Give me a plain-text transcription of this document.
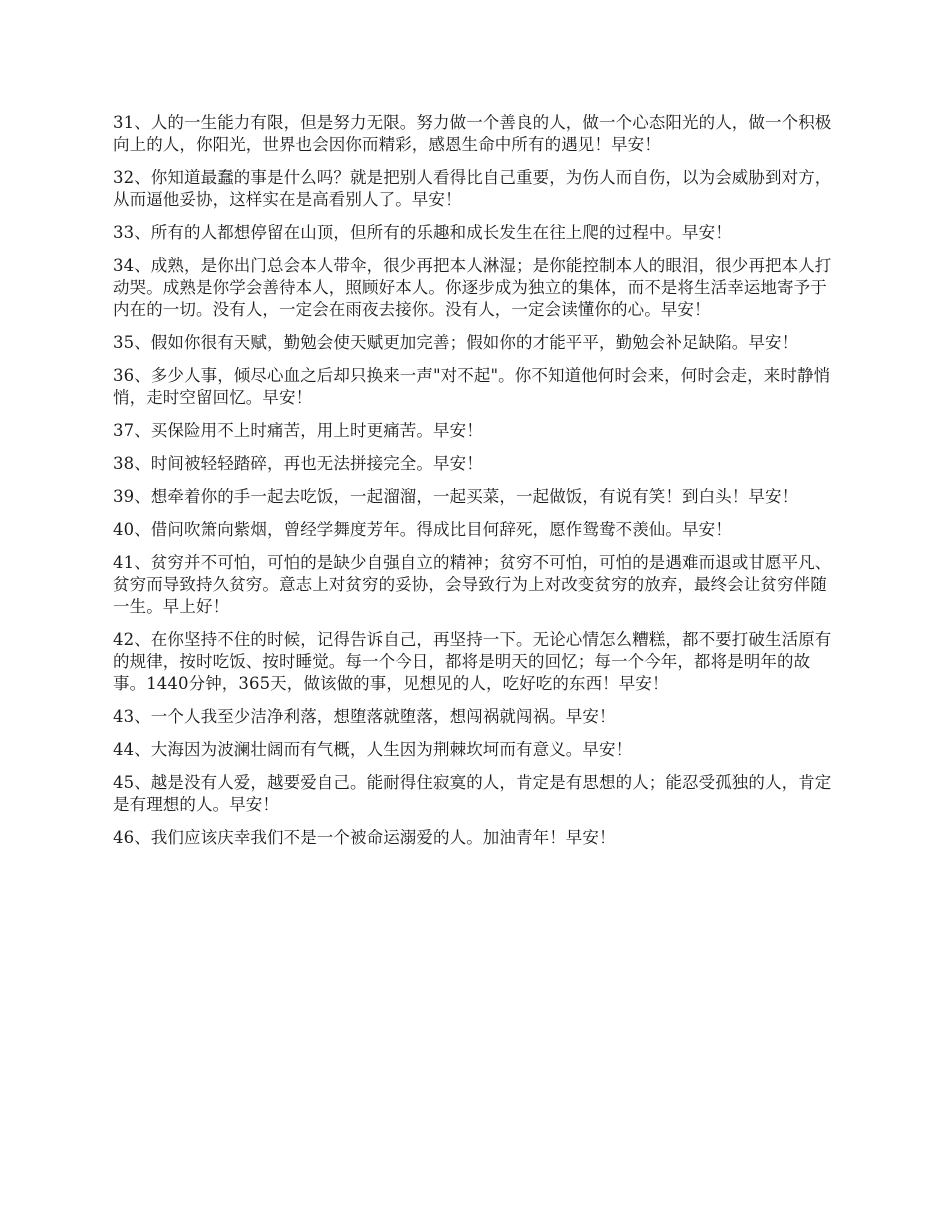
31、人的一生能力有限，但是努力无限。努力做一个善良的人，做一个心态阳光的人，做一个积极向上的人，你阳光，世界也会因你而精彩，感恩生命中所有的遇见！早安！

32、你知道最蠢的事是什么吗？就是把别人看得比自己重要，为伤人而自伤，以为会威胁到对方，从而逼他妥协，这样实在是高看别人了。早安！

33、所有的人都想停留在山顶，但所有的乐趣和成长发生在往上爬的过程中。早安！

34、成熟，是你出门总会本人带伞，很少再把本人淋湿；是你能控制本人的眼泪，很少再把本人打动哭。成熟是你学会善待本人，照顾好本人。你逐步成为独立的集体，而不是将生活幸运地寄予于内在的一切。没有人，一定会在雨夜去接你。没有人，一定会读懂你的心。早安！

35、假如你很有天赋，勤勉会使天赋更加完善；假如你的才能平平，勤勉会补足缺陷。早安！

36、多少人事，倾尽心血之后却只换来一声"对不起"。你不知道他何时会来，何时会走，来时静悄悄，走时空留回忆。早安！

37、买保险用不上时痛苦，用上时更痛苦。早安！

38、时间被轻轻踏碎，再也无法拼接完全。早安！

39、想牵着你的手一起去吃饭，一起溜溜，一起买菜，一起做饭，有说有笑！到白头！早安！

40、借问吹箫向紫烟，曾经学舞度芳年。得成比目何辞死，愿作鸳鸯不羡仙。早安！

41、贫穷并不可怕，可怕的是缺少自强自立的精神；贫穷不可怕，可怕的是遇难而退或甘愿平凡、贫穷而导致持久贫穷。意志上对贫穷的妥协，会导致行为上对改变贫穷的放弃，最终会让贫穷伴随一生。早上好！

42、在你坚持不住的时候，记得告诉自己，再坚持一下。无论心情怎么糟糕，都不要打破生活原有的规律，按时吃饭、按时睡觉。每一个今日，都将是明天的回忆；每一个今年，都将是明年的故事。1440分钟，365天，做该做的事，见想见的人，吃好吃的东西！早安！

43、一个人我至少洁净利落，想堕落就堕落，想闯祸就闯祸。早安！

44、大海因为波澜壮阔而有气概，人生因为荆棘坎坷而有意义。早安！

45、越是没有人爱，越要爱自己。能耐得住寂寞的人，肯定是有思想的人；能忍受孤独的人，肯定是有理想的人。早安！

46、我们应该庆幸我们不是一个被命运溺爱的人。加油青年！早安！
